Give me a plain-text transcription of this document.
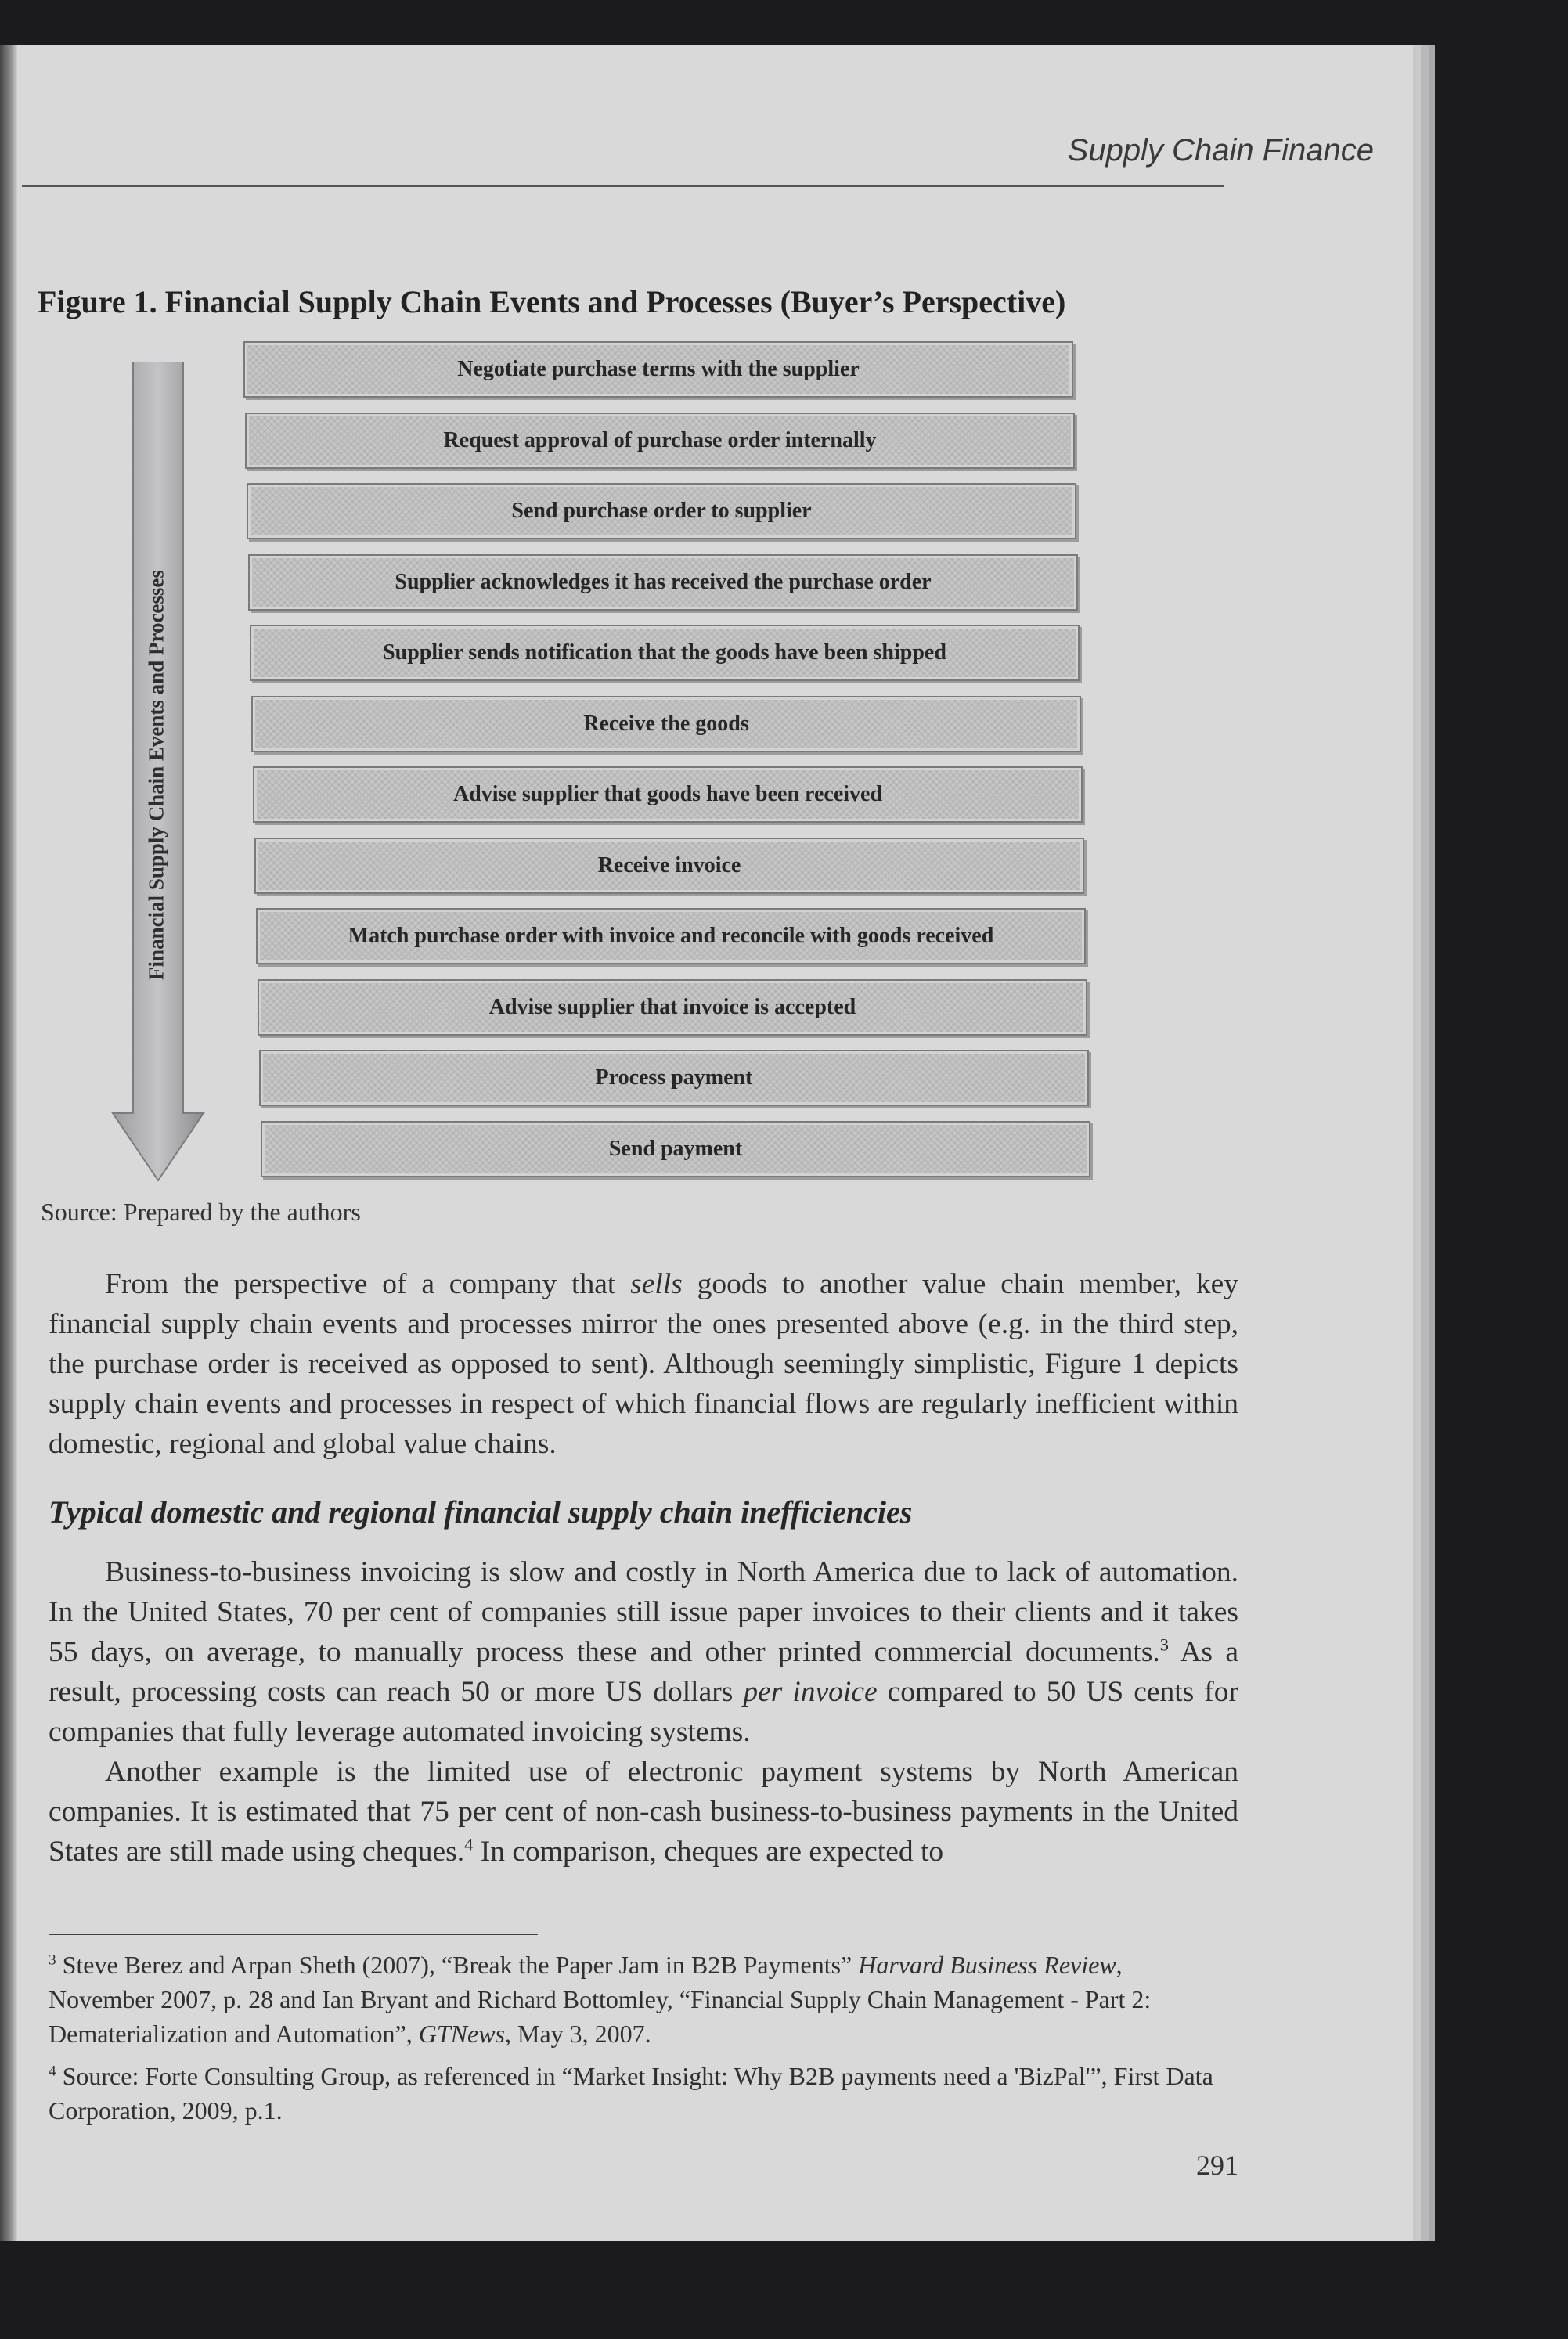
Supply Chain Finance
Figure 1. Financial Supply Chain Events and Processes (Buyer’s Perspective)
Financial Supply Chain Events and Processes
Negotiate purchase terms with the supplier
Request approval of purchase order internally
Send purchase order to supplier
Supplier acknowledges it has received the purchase order
Supplier sends notification that the goods have been shipped
Receive the goods
Advise supplier that goods have been received
Receive invoice
Match purchase order with invoice and reconcile with goods received
Advise supplier that invoice is accepted
Process payment
Send payment
Source: Prepared by the authors

From the perspective of a company that sells goods to another value chain member, key financial supply chain events and processes mirror the ones presented above (e.g. in the third step, the purchase order is received as opposed to sent). Although seemingly simplistic, Figure 1 depicts supply chain events and processes in respect of which financial flows are regularly inefficient within domestic, regional and global value chains.

Typical domestic and regional financial supply chain inefficiencies

Business-to-business invoicing is slow and costly in North America due to lack of automation. In the United States, 70 per cent of companies still issue paper invoices to their clients and it takes 55 days, on average, to manually process these and other printed commercial documents.$^3$ As a result, processing costs can reach 50 or more US dollars per invoice compared to 50 US cents for companies that fully leverage automated invoicing systems.

Another example is the limited use of electronic payment systems by North American companies. It is estimated that 75 per cent of non-cash business-to-business payments in the United States are still made using cheques.$^4$ In comparison, cheques are expected to

$^3$ Steve Berez and Arpan Sheth (2007), “Break the Paper Jam in B2B Payments” Harvard Business Review, November 2007, p. 28 and Ian Bryant and Richard Bottomley, “Financial Supply Chain Management - Part 2: Dematerialization and Automation”, GTNews, May 3, 2007.
$^4$ Source: Forte Consulting Group, as referenced in “Market Insight: Why B2B payments need a 'BizPal'”, First Data Corporation, 2009, p.1.
291
